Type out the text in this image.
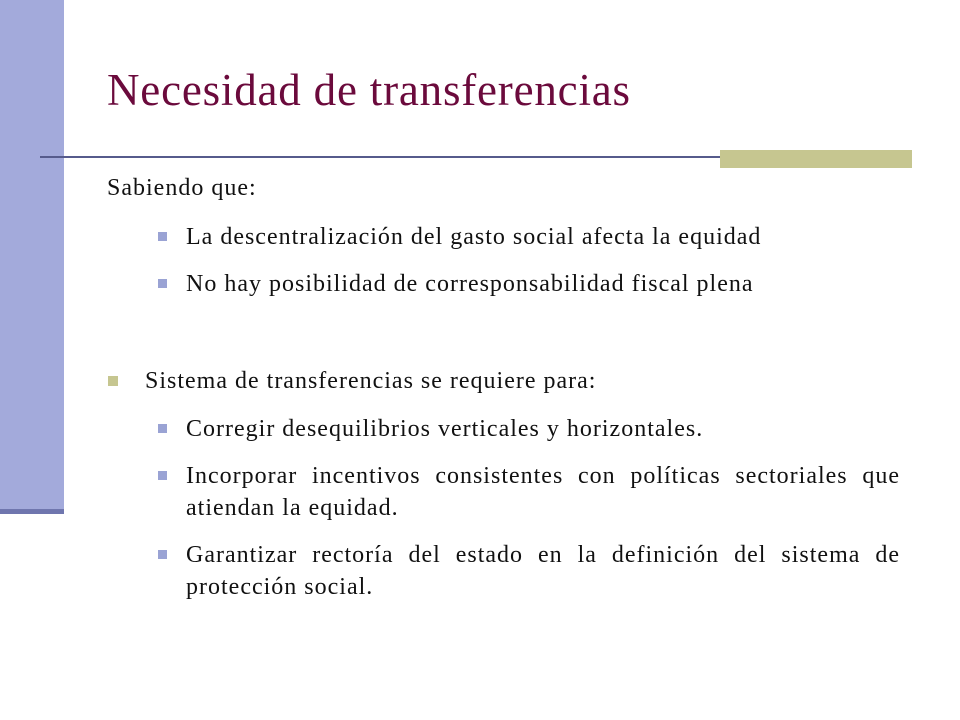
Necesidad de transferencias
Sabiendo que:
La descentralización del gasto social afecta la equidad
No hay posibilidad de corresponsabilidad fiscal plena
Sistema de transferencias se requiere para:
Corregir desequilibrios verticales y horizontales.
Incorporar incentivos consistentes con políticas sectoriales que
atiendan la equidad.
Garantizar rectoría del estado en la definición del sistema de
protección social.
